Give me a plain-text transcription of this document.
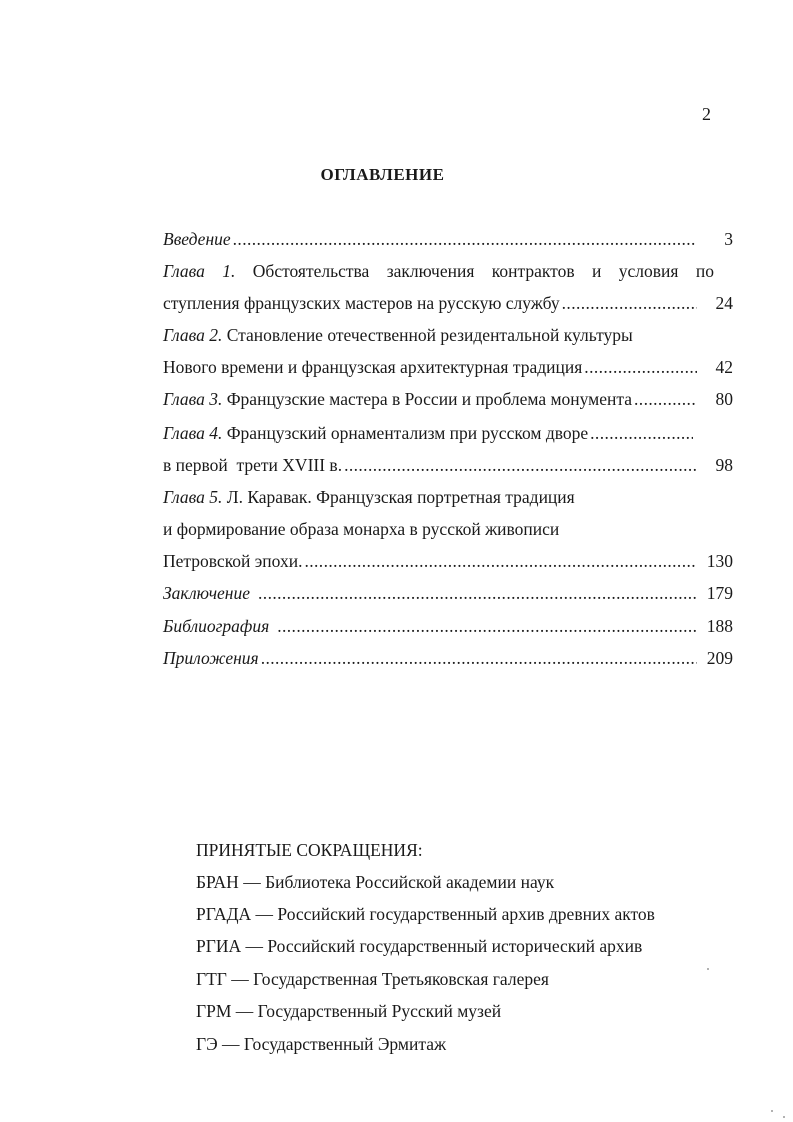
2
ОГЛАВЛЕНИЕ
Введение .....	3
Глава 1. Обстоятельства заключения контрактов и условия по
ступления французских мастеров на русскую службу .....	24
Глава 2. Становление отечественной резидентальной культуры
Нового времени и французская архитектурная традиция .....	42
Глава 3. Французские мастера в России и проблема монумента .....	80
Глава 4. Французский орнаментализм при русском дворе
.....
в первой  трети XVIII в. .....	98
Глава 5. Л. Каравак. Французская портретная традиция
и формирование образа монарха в русской живописи
Петровской эпохи. .....	130
Заключение .....	179
Библиография .....	188
Приложения .....	209
ПРИНЯТЫЕ СОКРАЩЕНИЯ:
БРАН — Библиотека Российской академии наук
РГАДА — Российский государственный архив древних актов
РГИА — Российский государственный исторический архив
ГТГ — Государственная Третьяковская галерея
ГРМ — Государственный Русский музей
ГЭ — Государственный Эрмитаж
